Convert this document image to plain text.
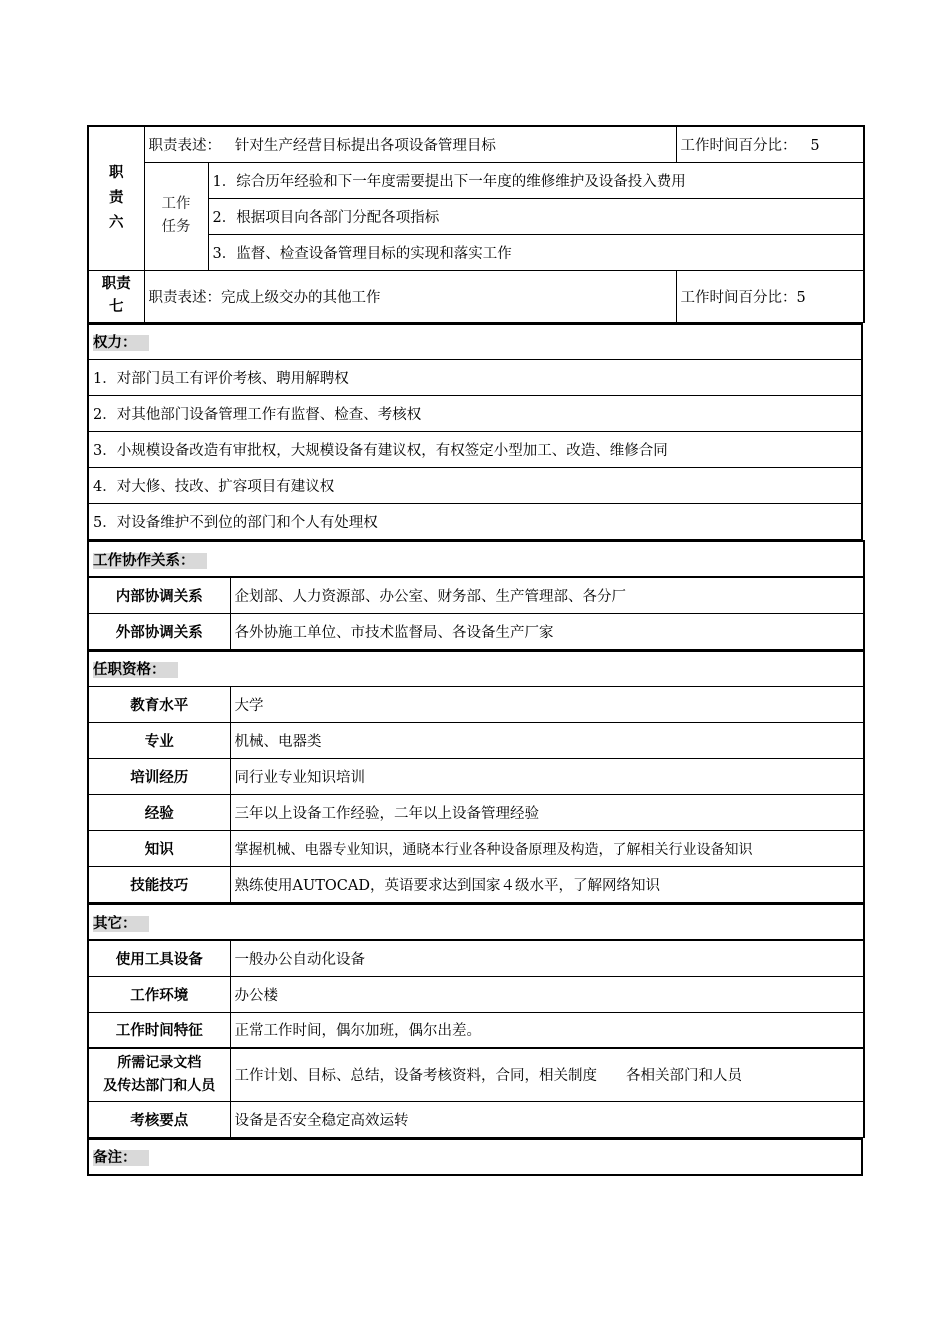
职
责
六	职责表述： 针对生产经营目标提出各项设备管理目标		工作时间百分比： 5
	工作
任务	1．综合历年经验和下一年度需要提出下一年度的维修维护及设备投入费用	
		2．根据项目向各部门分配各项指标	
		3．监督、检查设备管理目标的实现和落实工作	
职责
七	职责表述：完成上级交办的其他工作		工作时间百分比：5
权力：
1．对部门员工有评价考核、聘用解聘权
2．对其他部门设备管理工作有监督、检查、考核权
3．小规模设备改造有审批权，大规模设备有建议权，有权签定小型加工、改造、维修合同
4．对大修、技改、扩容项目有建议权
5．对设备维护不到位的部门和个人有处理权
工作协作关系：	
内部协调关系	企划部、人力资源部、办公室、财务部、生产管理部、各分厂
外部协调关系	各外协施工单位、市技术监督局、各设备生产厂家
任职资格：	
教育水平	大学
专业	机械、电器类
培训经历	同行业专业知识培训
经验	三年以上设备工作经验，二年以上设备管理经验
知识	掌握机械、电器专业知识，通晓本行业各种设备原理及构造，了解相关行业设备知识
技能技巧	熟练使用AUTOCAD，英语要求达到国家４级水平，了解网络知识
其它：	
使用工具设备	一般办公自动化设备
工作环境	办公楼
工作时间特征	正常工作时间，偶尔加班，偶尔出差。
所需记录文档
及传达部门和人员	工作计划、目标、总结，设备考核资料，合同，相关制度　　各相关部门和人员
考核要点	设备是否安全稳定高效运转
备注：
